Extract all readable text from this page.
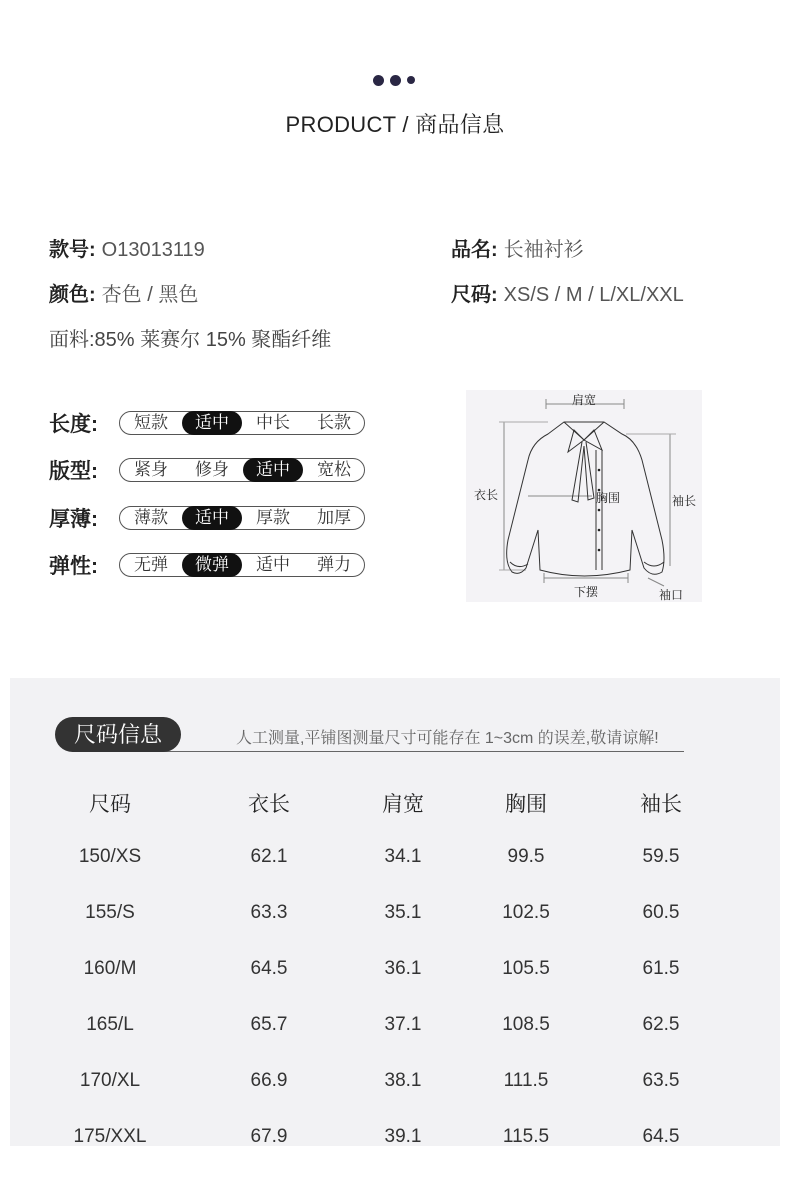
PRODUCT / 商品信息
款号: O13013119	品名: 长袖衬衫
颜色: 杏色 / 黑色	尺码: XS/S / M / L/XL/XXL
面料:85% 莱赛尔 15% 聚酯纤维
长度:	短款	适中	中长	长款
版型:	紧身	修身	适中	宽松
厚薄:	薄款	适中	厚款	加厚
弹性:	无弹	微弹	适中	弹力
肩宽
衣长	胸围	袖长
下摆	袖口
尺码信息	人工测量,平铺图测量尺寸可能存在 1~3cm 的误差,敬请谅解!
尺码	衣长	肩宽	胸围	袖长
150/XS	62.1	34.1	99.5	59.5
155/S	63.3	35.1	102.5	60.5
160/M	64.5	36.1	105.5	61.5
165/L	65.7	37.1	108.5	62.5
170/XL	66.9	38.1	111.5	63.5
175/XXL	67.9	39.1	115.5	64.5
